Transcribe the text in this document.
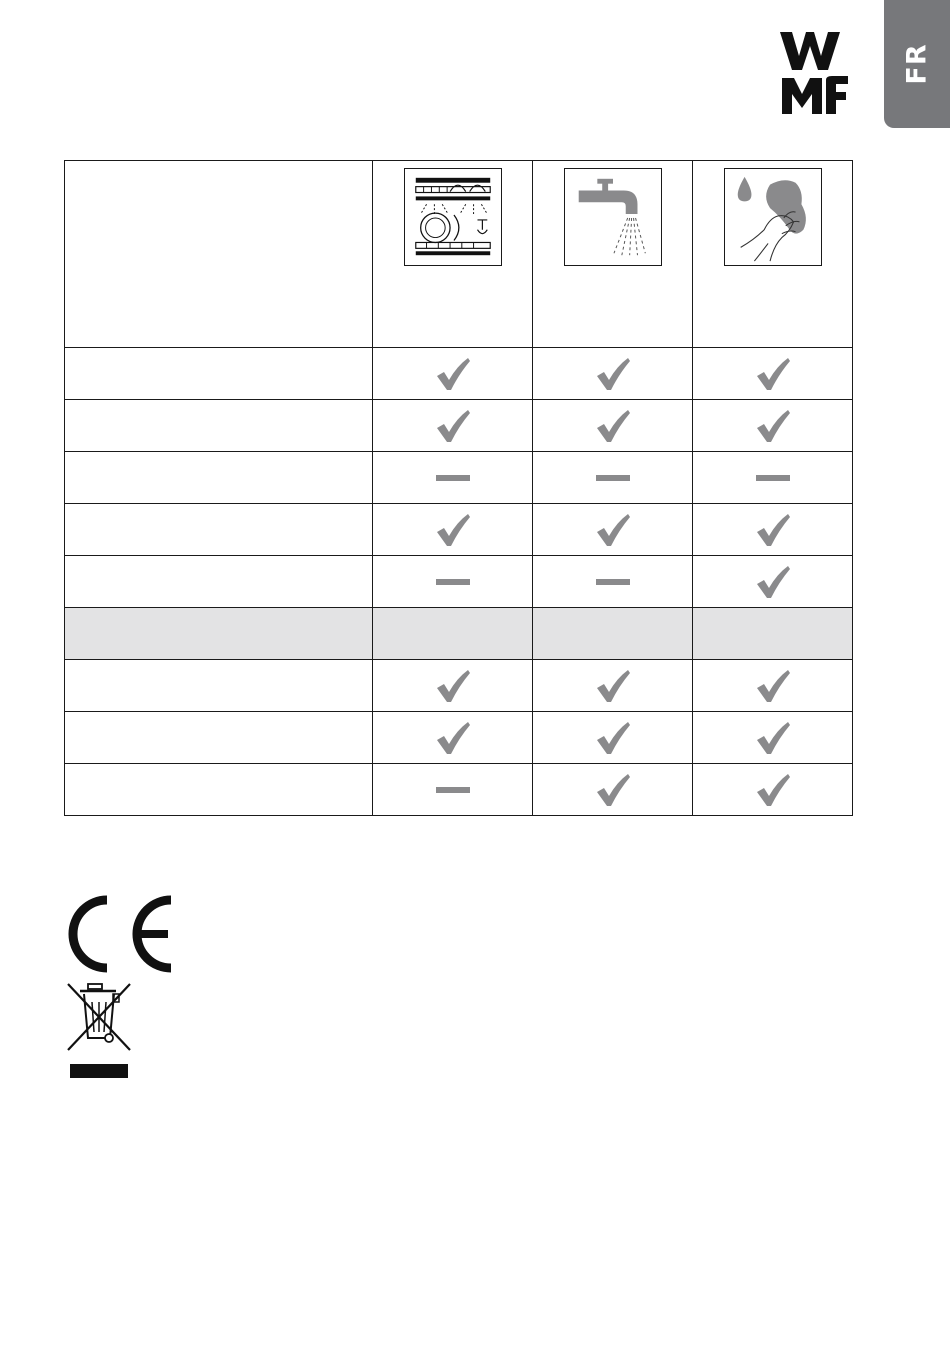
FR
